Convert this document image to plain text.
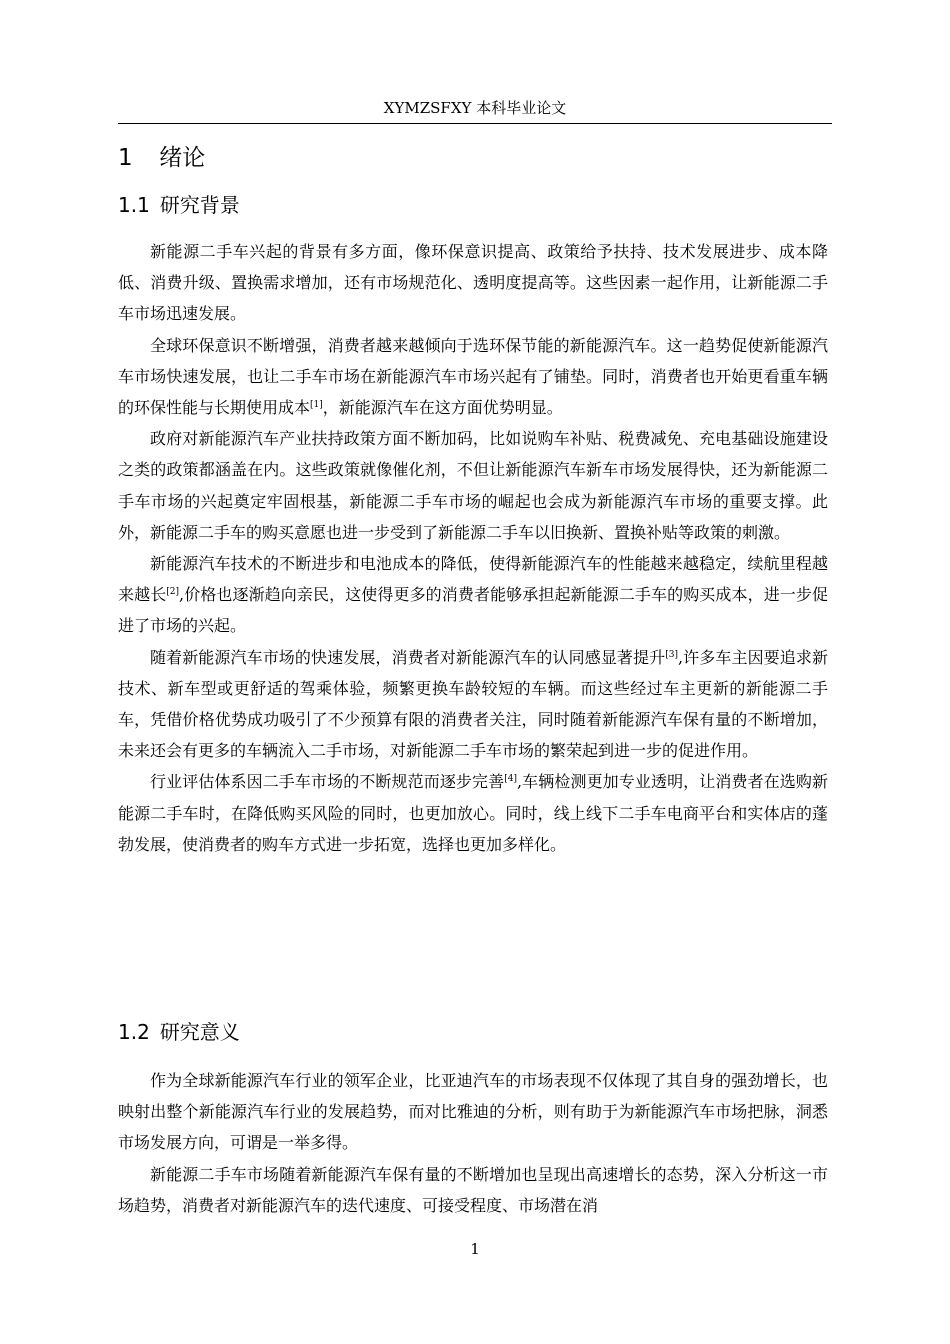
XYMZSFXY 本科毕业论文
1 绪论
1.1 研究背景

新能源二手车兴起的背景有多方面，像环保意识提高、政策给予扶持、技术发展进步、成本降低、消费升级、置换需求增加，还有市场规范化、透明度提高等。这些因素一起作用，让新能源二手车市场迅速发展。

全球环保意识不断增强，消费者越来越倾向于选环保节能的新能源汽车。这一趋势促使新能源汽车市场快速发展，也让二手车市场在新能源汽车市场兴起有了铺垫。同时，消费者也开始更看重车辆的环保性能与长期使用成本[1]，新能源汽车在这方面优势明显。

政府对新能源汽车产业扶持政策方面不断加码，比如说购车补贴、税费减免、充电基础设施建设之类的政策都涵盖在内。这些政策就像催化剂，不但让新能源汽车新车市场发展得快，还为新能源二手车市场的兴起奠定牢固根基，新能源二手车市场的崛起也会成为新能源汽车市场的重要支撑。此外，新能源二手车的购买意愿也进一步受到了新能源二手车以旧换新、置换补贴等政策的刺激。

新能源汽车技术的不断进步和电池成本的降低，使得新能源汽车的性能越来越稳定，续航里程越来越长[2],价格也逐渐趋向亲民，这使得更多的消费者能够承担起新能源二手车的购买成本，进一步促进了市场的兴起。

随着新能源汽车市场的快速发展，消费者对新能源汽车的认同感显著提升[3],许多车主因要追求新技术、新车型或更舒适的驾乘体验，频繁更换车龄较短的车辆。而这些经过车主更新的新能源二手车，凭借价格优势成功吸引了不少预算有限的消费者关注，同时随着新能源汽车保有量的不断增加，未来还会有更多的车辆流入二手市场，对新能源二手车市场的繁荣起到进一步的促进作用。

行业评估体系因二手车市场的不断规范而逐步完善[4],车辆检测更加专业透明，让消费者在选购新能源二手车时，在降低购买风险的同时，也更加放心。同时，线上线下二手车电商平台和实体店的蓬勃发展，使消费者的购车方式进一步拓宽，选择也更加多样化。

1.2 研究意义

作为全球新能源汽车行业的领军企业，比亚迪汽车的市场表现不仅体现了其自身的强劲增长，也映射出整个新能源汽车行业的发展趋势，而对比雅迪的分析，则有助于为新能源汽车市场把脉，洞悉市场发展方向，可谓是一举多得。

新能源二手车市场随着新能源汽车保有量的不断增加也呈现出高速增长的态势，深入分析这一市场趋势，消费者对新能源汽车的迭代速度、可接受程度、市场潜在消

1
